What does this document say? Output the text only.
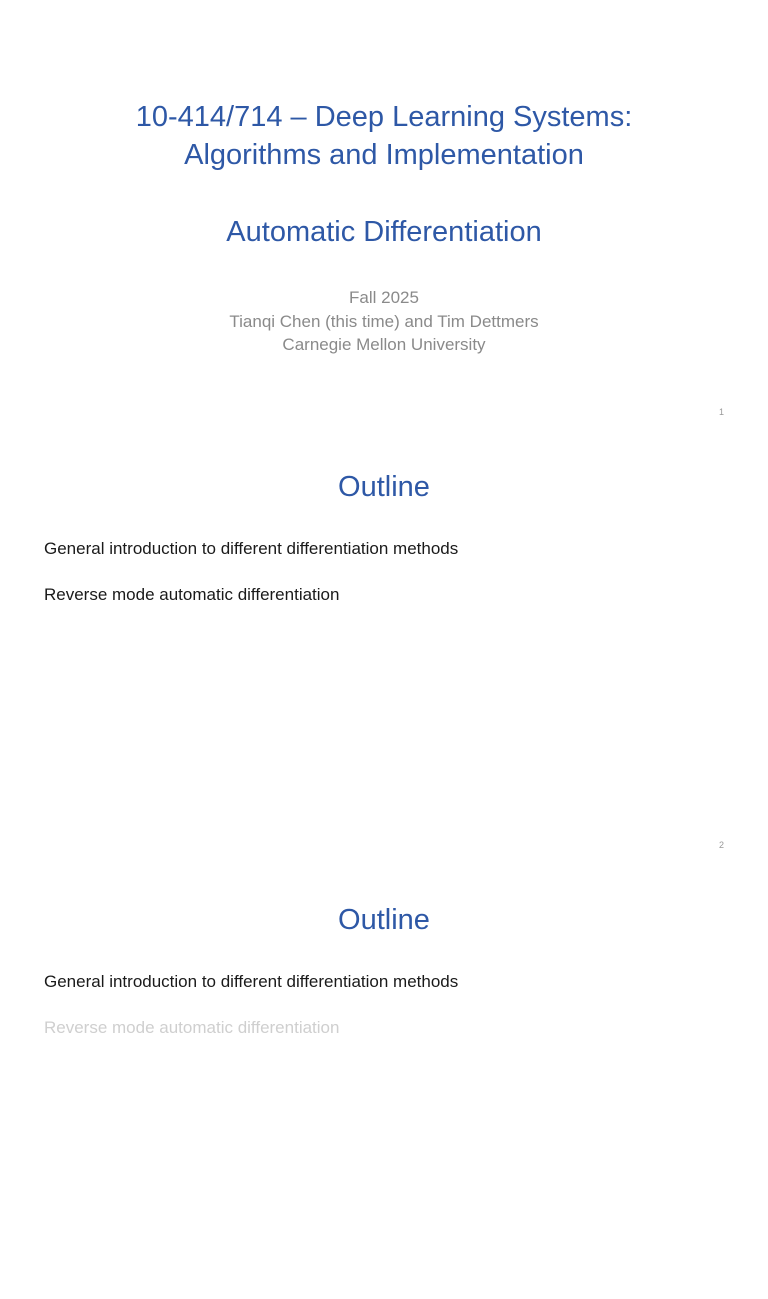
10-414/714 – Deep Learning Systems:
Algorithms and Implementation
Automatic Differentiation
Fall 2025
Tianqi Chen (this time) and Tim Dettmers
Carnegie Mellon University
1
Outline
General introduction to different differentiation methods
Reverse mode automatic differentiation
2
Outline
General introduction to different differentiation methods
Reverse mode automatic differentiation
